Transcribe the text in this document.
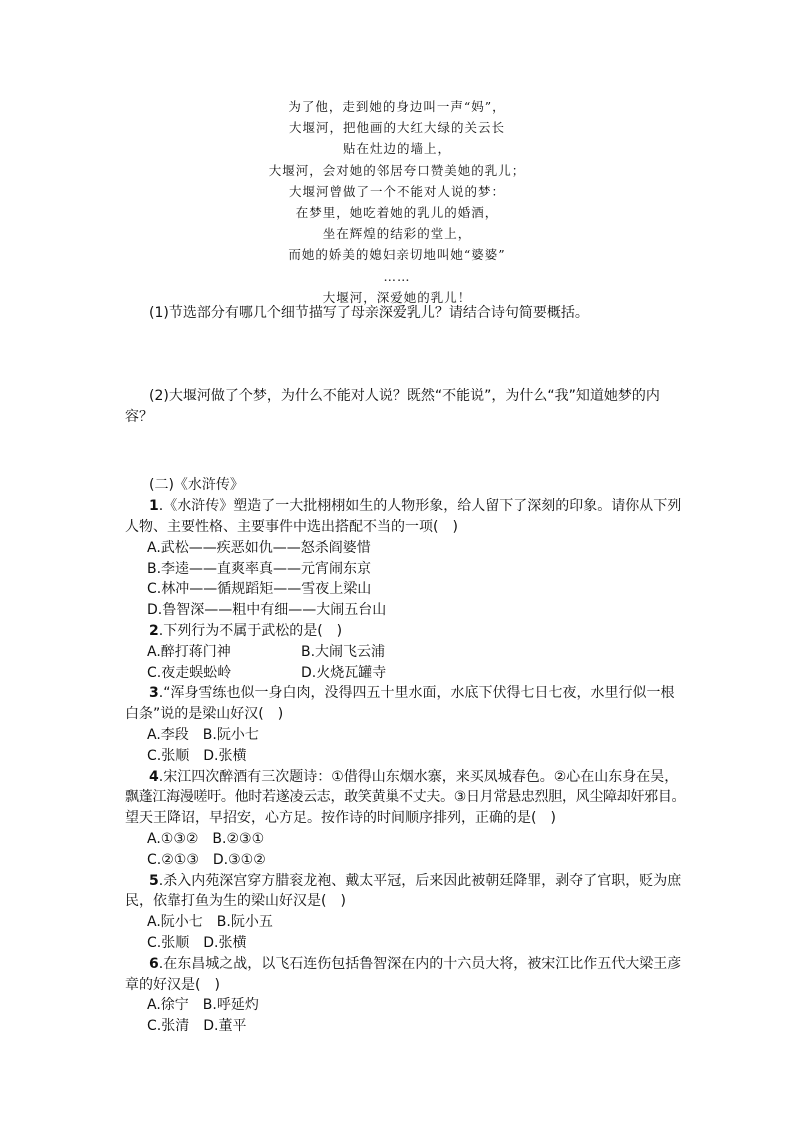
为了他，走到她的身边叫一声“妈”，
大堰河，把他画的大红大绿的关云长
贴在灶边的墙上，
大堰河，会对她的邻居夸口赞美她的乳儿；
大堰河曾做了一个不能对人说的梦：
在梦里，她吃着她的乳儿的婚酒，
坐在辉煌的结彩的堂上，
而她的娇美的媳妇亲切地叫她“婆婆”
……
大堰河，深爱她的乳儿！

(1)节选部分有哪几个细节描写了母亲深爱乳儿？请结合诗句简要概括。

(2)大堰河做了个梦，为什么不能对人说？既然“不能说”，为什么“我”知道她梦的内

容？

(二)《水浒传》

1.《水浒传》塑造了一大批栩栩如生的人物形象，给人留下了深刻的印象。请你从下列

人物、主要性格、主要事件中选出搭配不当的一项(　)

A.武松——疾恶如仇——怒杀阎婆惜

B.李逵——直爽率真——元宵闹东京

C.林冲——循规蹈矩——雪夜上梁山

D.鲁智深——粗中有细——大闹五台山

2.下列行为不属于武松的是(　)

A.醉打蒋门神	B.大闹飞云浦
C.夜走蜈蚣岭	D.火烧瓦罐寺

3.“浑身雪练也似一身白肉，没得四五十里水面，水底下伏得七日七夜，水里行似一根

白条”说的是梁山好汉(　)

A.李段　B.阮小七

C.张顺　D.张横

4.宋江四次醉酒有三次题诗：①借得山东烟水寨，来买凤城春色。②心在山东身在吴，

飘蓬江海漫嗟吁。他时若遂凌云志，敢笑黄巢不丈夫。③日月常悬忠烈胆，风尘障却奸邪目。

望天王降诏，早招安，心方足。按作诗的时间顺序排列，正确的是(　)

A.①③②　B.②③①

C.②①③　D.③①②

5.杀入内苑深宫穿方腊衮龙袍、戴太平冠，后来因此被朝廷降罪，剥夺了官职，贬为庶

民，依靠打鱼为生的梁山好汉是(　)

A.阮小七　B.阮小五

C.张顺　D.张横

6.在东昌城之战，以飞石连伤包括鲁智深在内的十六员大将，被宋江比作五代大梁王彦

章的好汉是(　)

A.徐宁　B.呼延灼

C.张清　D.董平
